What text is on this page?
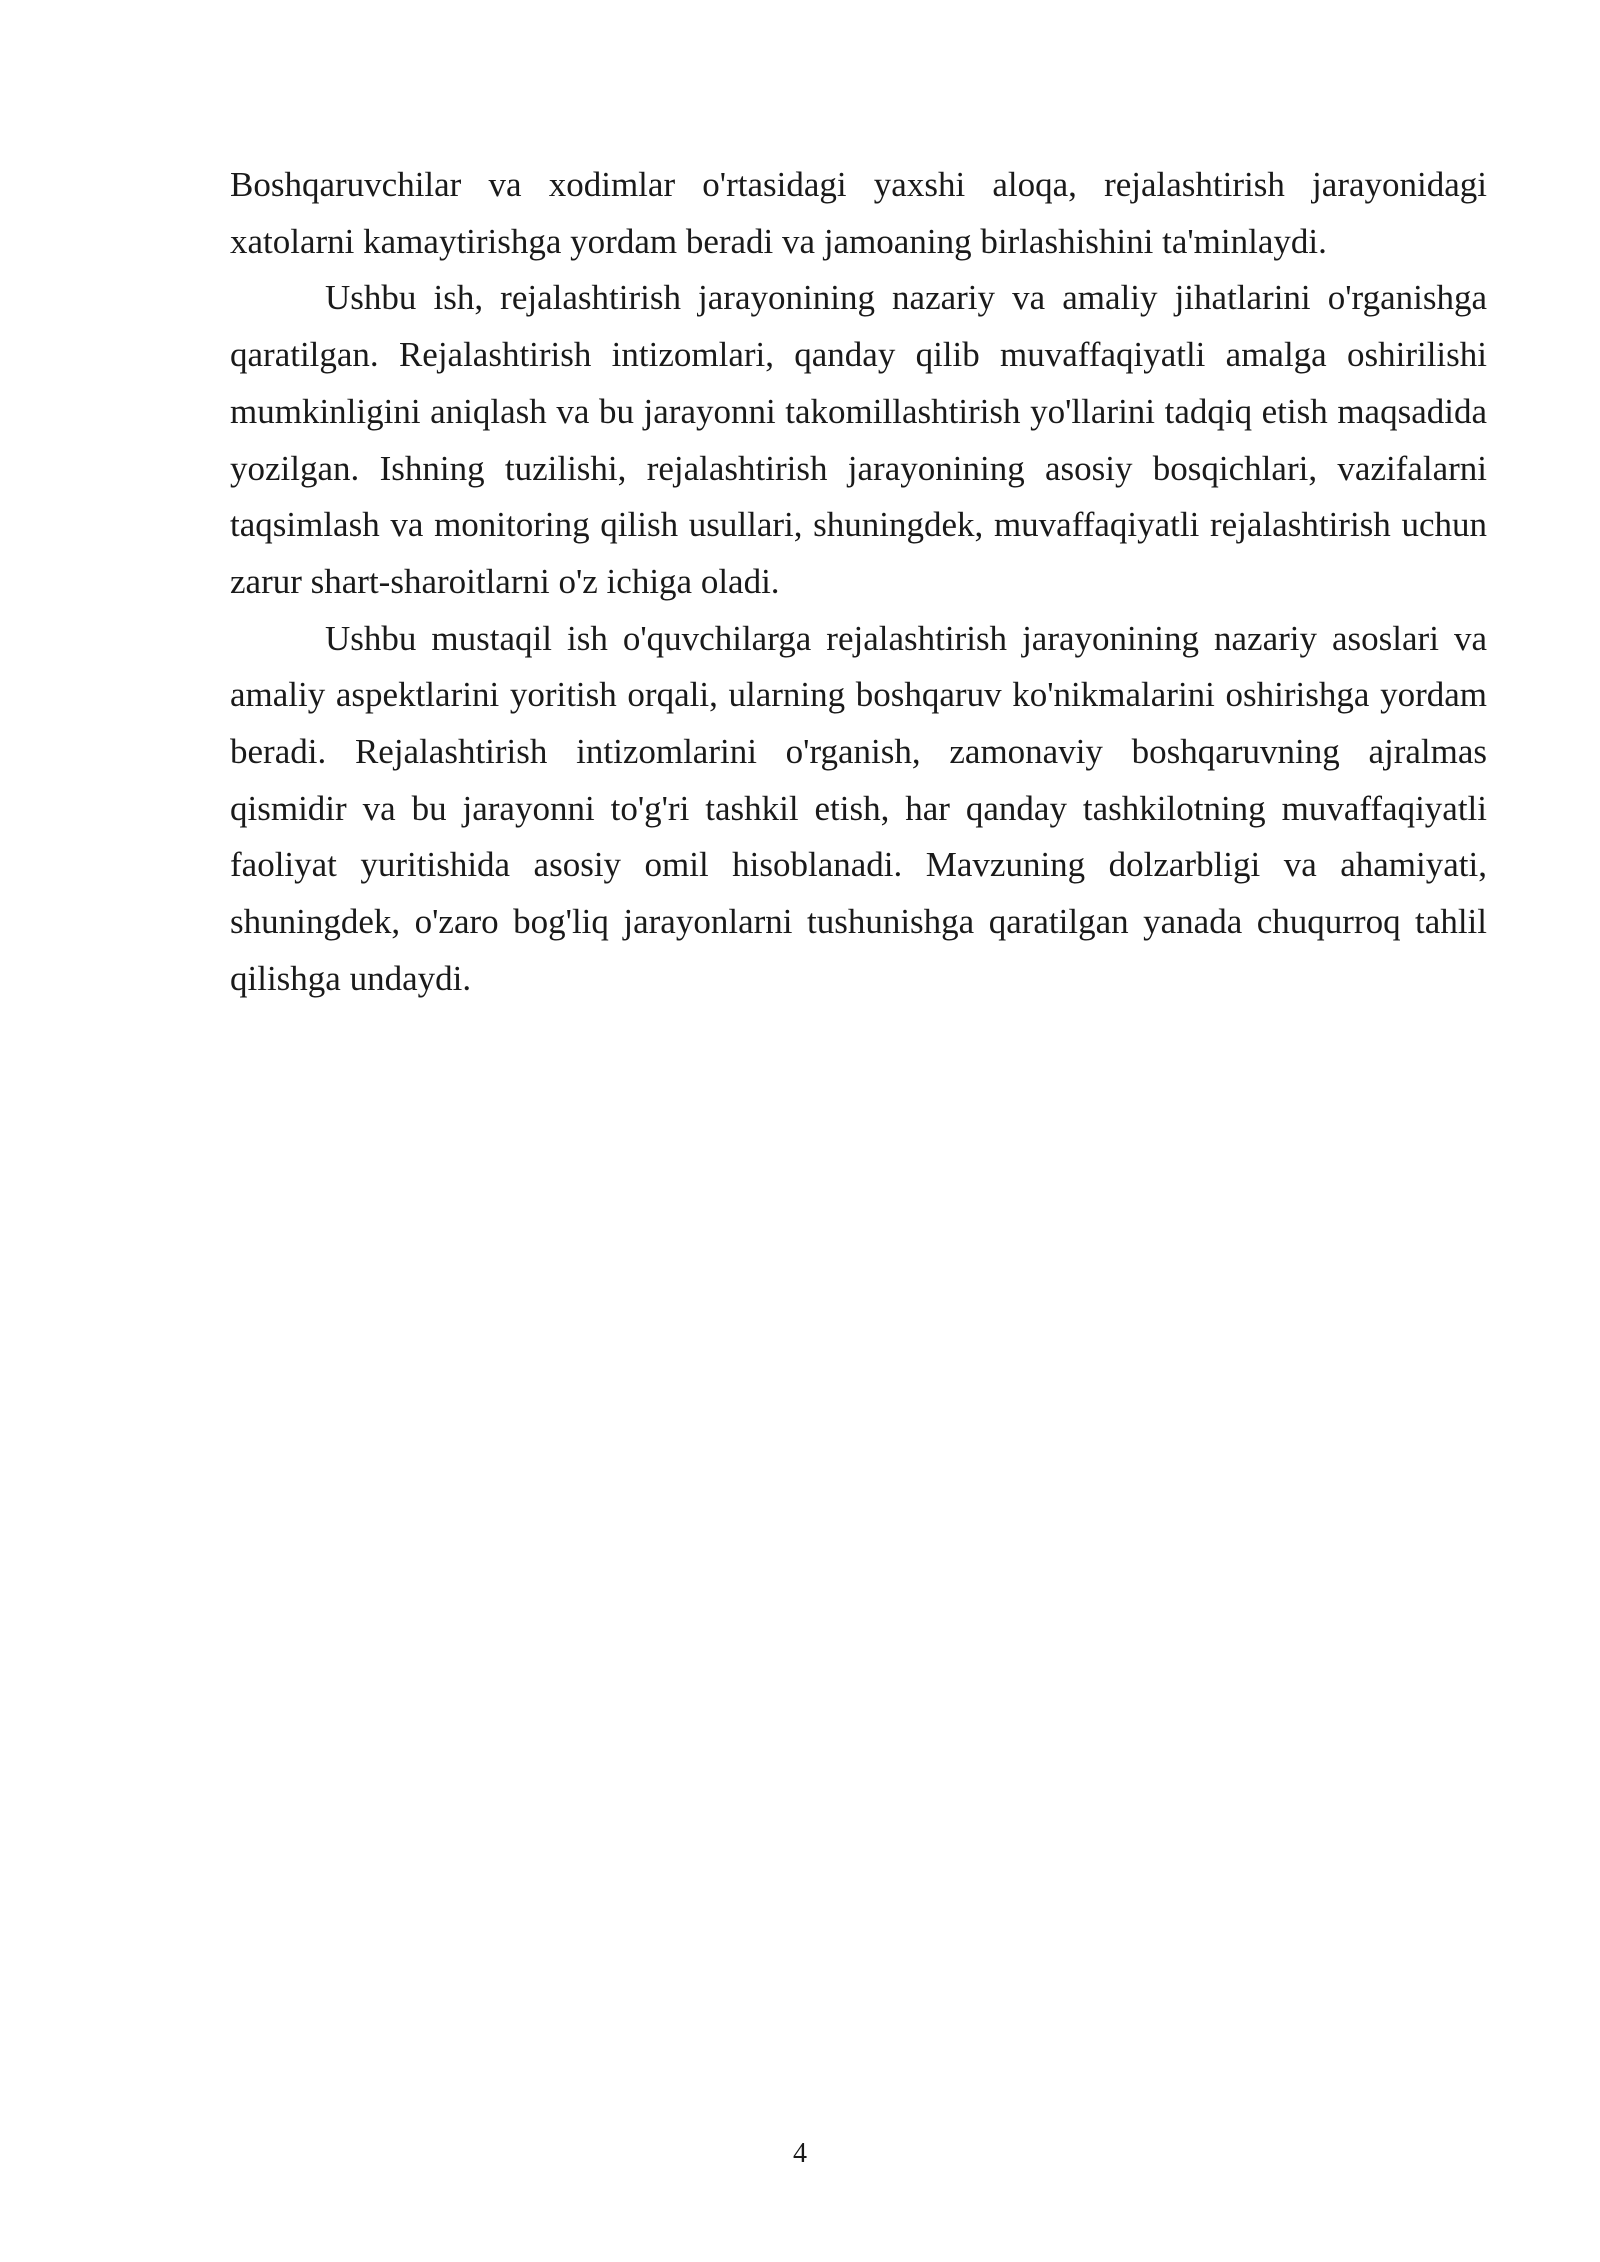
Boshqaruvchilar va xodimlar o'rtasidagi yaxshi aloqa, rejalashtirish jarayonidagi xatolarni kamaytirishga yordam beradi va jamoaning birlashishini ta'minlaydi.

Ushbu ish, rejalashtirish jarayonining nazariy va amaliy jihatlarini o'rganishga qaratilgan. Rejalashtirish intizomlari, qanday qilib muvaffaqiyatli amalga oshirilishi mumkinligini aniqlash va bu jarayonni takomillashtirish yo'llarini tadqiq etish maqsadida yozilgan. Ishning tuzilishi, rejalashtirish jarayonining asosiy bosqichlari, vazifalarni taqsimlash va monitoring qilish usullari, shuningdek, muvaffaqiyatli rejalashtirish uchun zarur shart-sharoitlarni o'z ichiga oladi.

Ushbu mustaqil ish o'quvchilarga rejalashtirish jarayonining nazariy asoslari va amaliy aspektlarini yoritish orqali, ularning boshqaruv ko'nikmalarini oshirishga yordam beradi. Rejalashtirish intizomlarini o'rganish, zamonaviy boshqaruvning ajralmas qismidir va bu jarayonni to'g'ri tashkil etish, har qanday tashkilotning muvaffaqiyatli faoliyat yuritishida asosiy omil hisoblanadi. Mavzuning dolzarbligi va ahamiyati, shuningdek, o'zaro bog'liq jarayonlarni tushunishga qaratilgan yanada chuqurroq tahlil qilishga undaydi.

4
